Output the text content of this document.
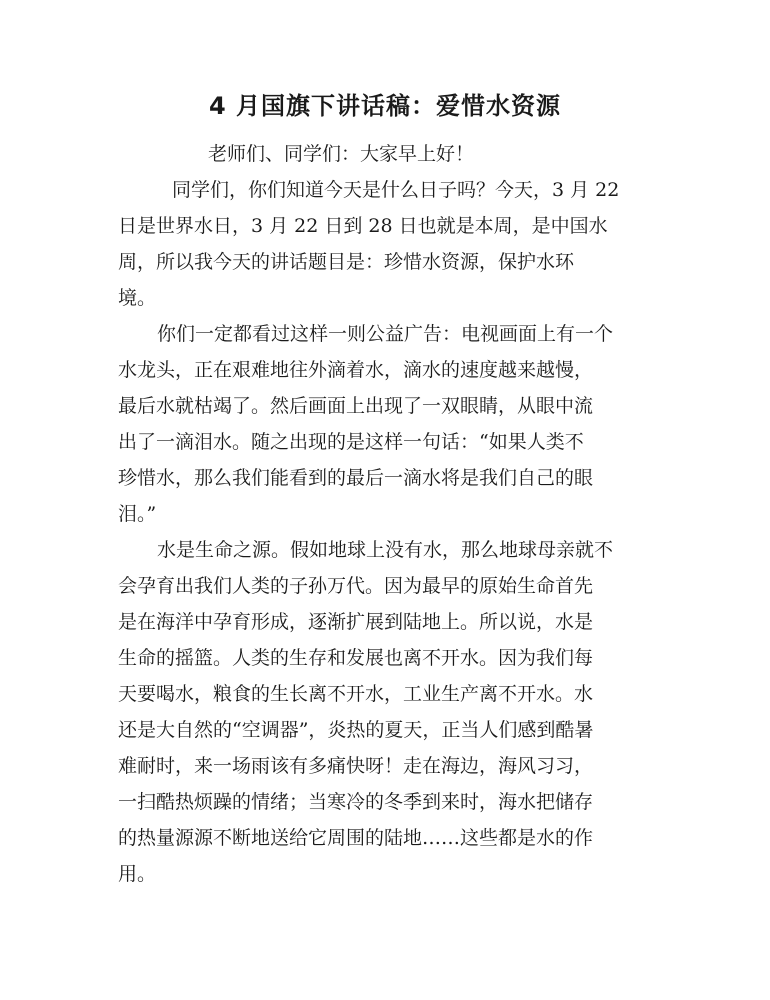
4 月国旗下讲话稿：爱惜水资源

老师们、同学们：大家早上好！

同学们，你们知道今天是什么日子吗？今天，3 月 22

日是世界水日，3 月 22 日到 28 日也就是本周，是中国水

周，所以我今天的讲话题目是：珍惜水资源，保护水环

境。

你们一定都看过这样一则公益广告：电视画面上有一个

水龙头，正在艰难地往外滴着水，滴水的速度越来越慢，

最后水就枯竭了。然后画面上出现了一双眼睛，从眼中流

出了一滴泪水。随之出现的是这样一句话：“如果人类不

珍惜水，那么我们能看到的最后一滴水将是我们自己的眼

泪。”

水是生命之源。假如地球上没有水，那么地球母亲就不

会孕育出我们人类的子孙万代。因为最早的原始生命首先

是在海洋中孕育形成，逐渐扩展到陆地上。所以说，水是

生命的摇篮。人类的生存和发展也离不开水。因为我们每

天要喝水，粮食的生长离不开水，工业生产离不开水。水

还是大自然的“空调器”，炎热的夏天，正当人们感到酷暑

难耐时，来一场雨该有多痛快呀！走在海边，海风习习，

一扫酷热烦躁的情绪；当寒冷的冬季到来时，海水把储存

的热量源源不断地送给它周围的陆地……这些都是水的作

用。
